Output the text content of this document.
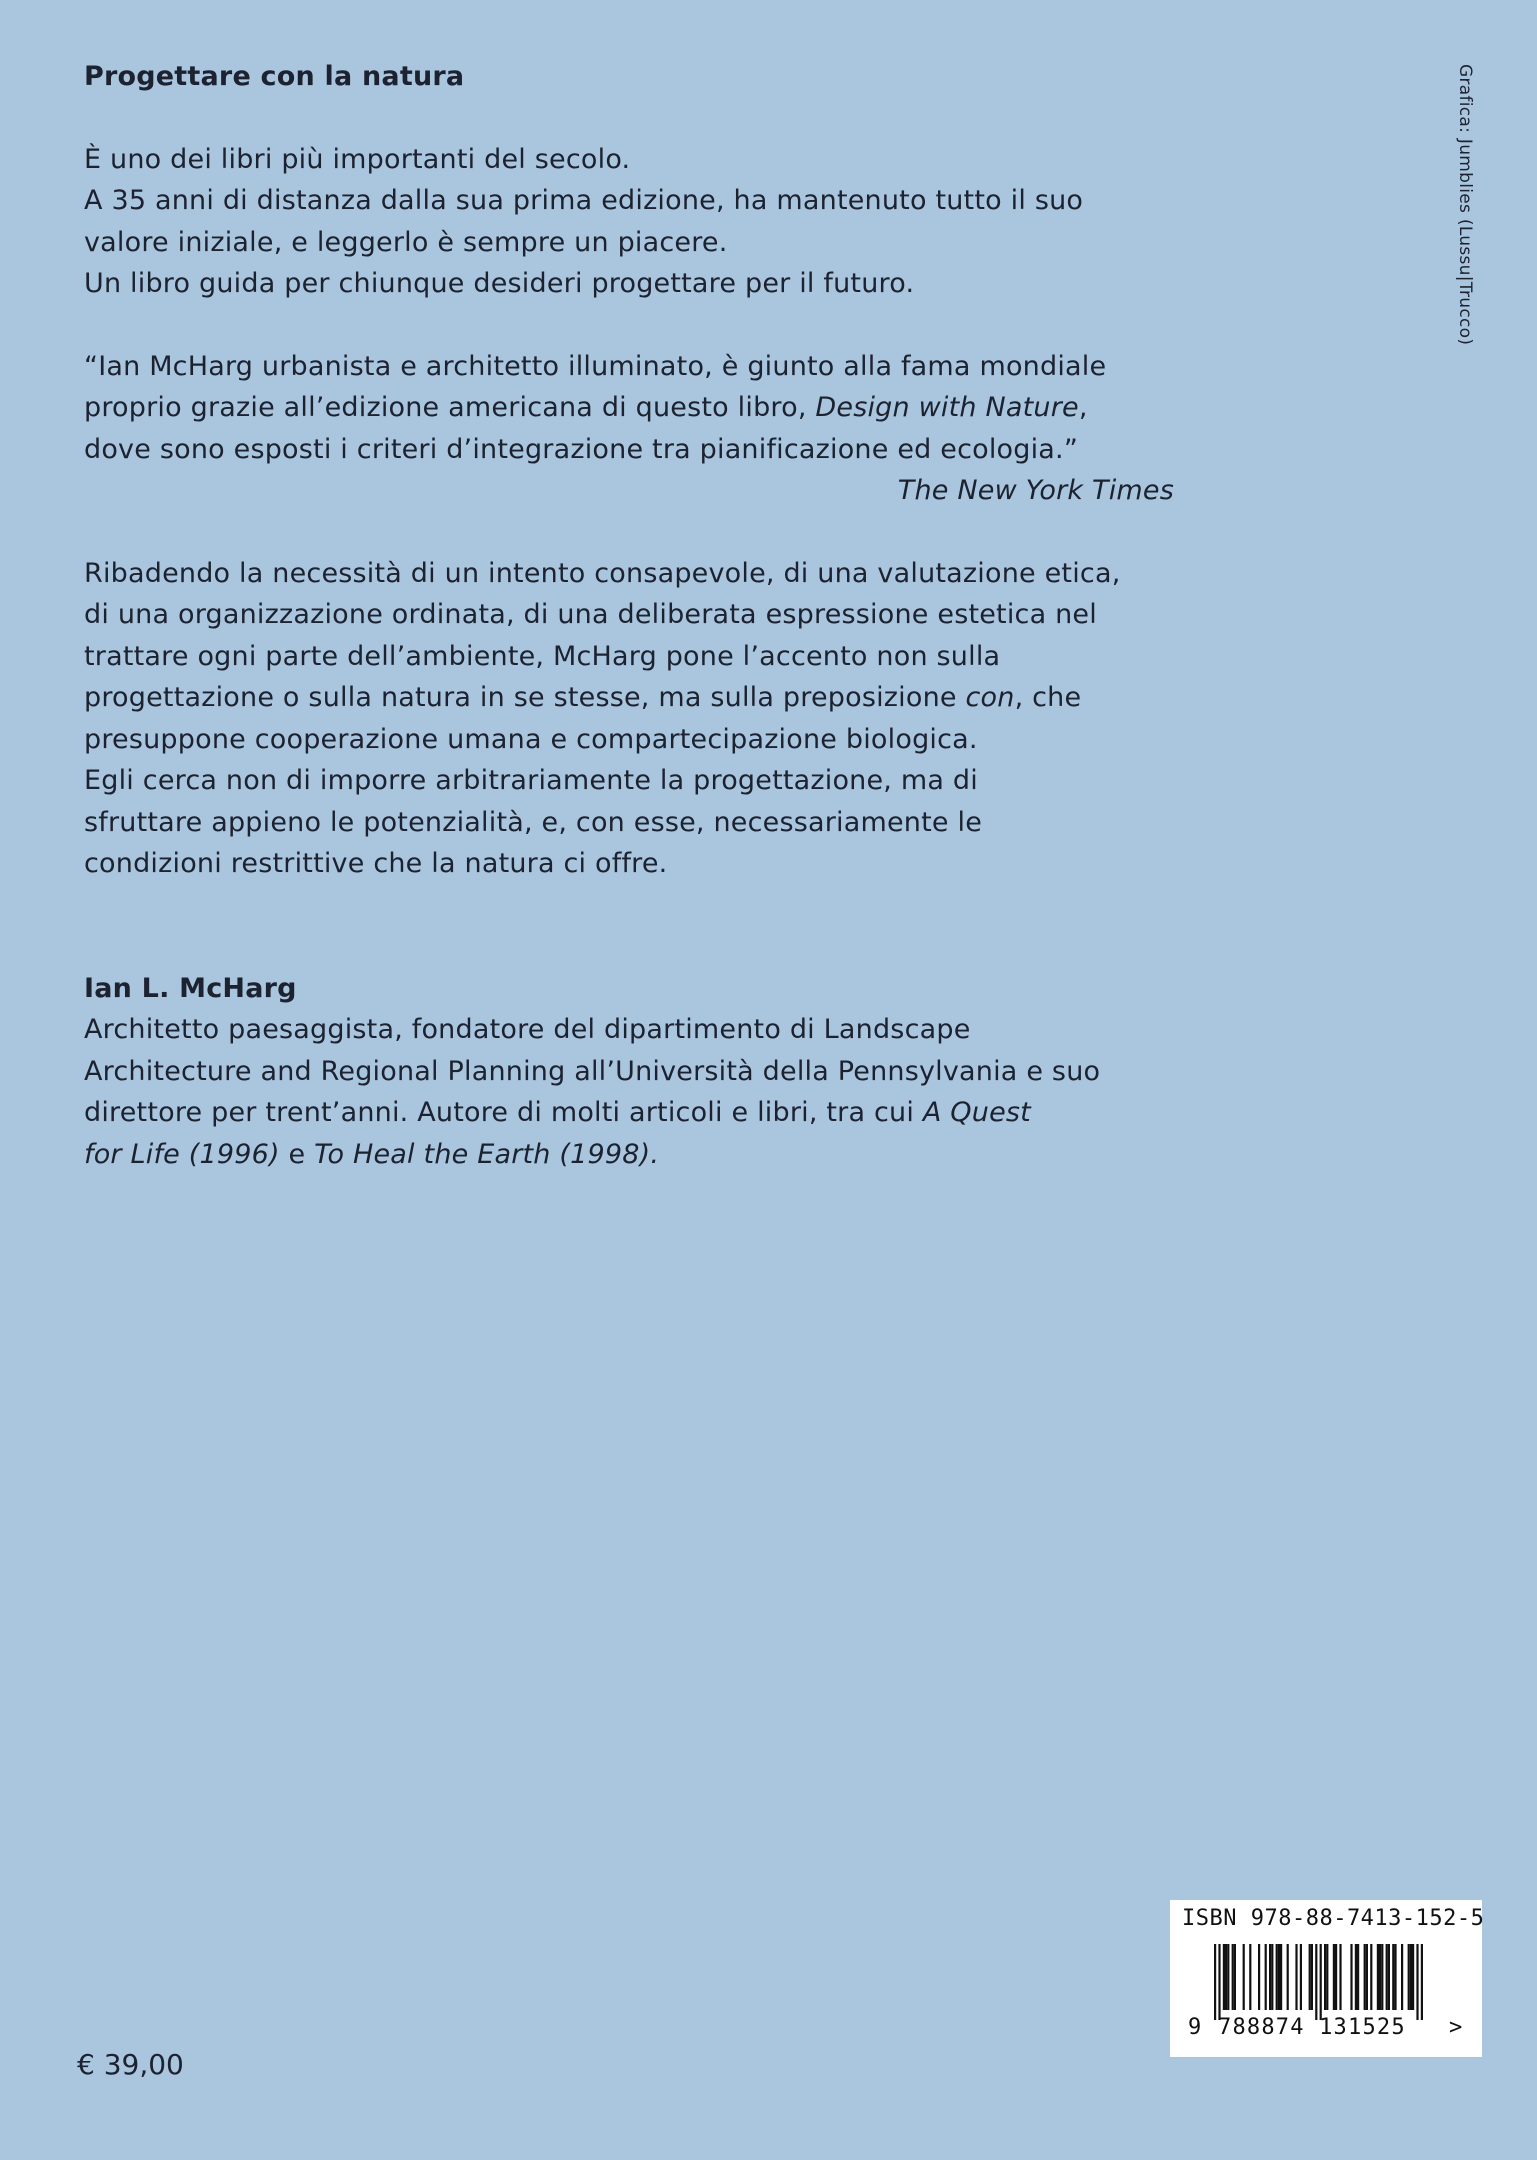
Progettare con la natura

È uno dei libri più importanti del secolo.

A 35 anni di distanza dalla sua prima edizione, ha mantenuto tutto il suo

valore iniziale, e leggerlo è sempre un piacere.

Un libro guida per chiunque desideri progettare per il futuro.

“Ian McHarg urbanista e architetto illuminato, è giunto alla fama mondiale

proprio grazie all’edizione americana di questo libro, Design with Nature,

dove sono esposti i criteri d’integrazione tra pianificazione ed ecologia.”

The New York Times

Ribadendo la necessità di un intento consapevole, di una valutazione etica,

di una organizzazione ordinata, di una deliberata espressione estetica nel

trattare ogni parte dell’ambiente, McHarg pone l’accento non sulla

progettazione o sulla natura in se stesse, ma sulla preposizione con, che

presuppone cooperazione umana e compartecipazione biologica.

Egli cerca non di imporre arbitrariamente la progettazione, ma di

sfruttare appieno le potenzialità, e, con esse, necessariamente le

condizioni restrittive che la natura ci offre.

Ian L. McHarg

Architetto paesaggista, fondatore del dipartimento di Landscape

Architecture and Regional Planning all’Università della Pennsylvania e suo

direttore per trent’anni. Autore di molti articoli e libri, tra cui A Quest

for Life (1996) e To Heal the Earth (1998).

Grafica: Jumblies (Lussu|Trucco)
€ 39,00
ISBN 978-88-7413-152-5
9 788874 131525 >
